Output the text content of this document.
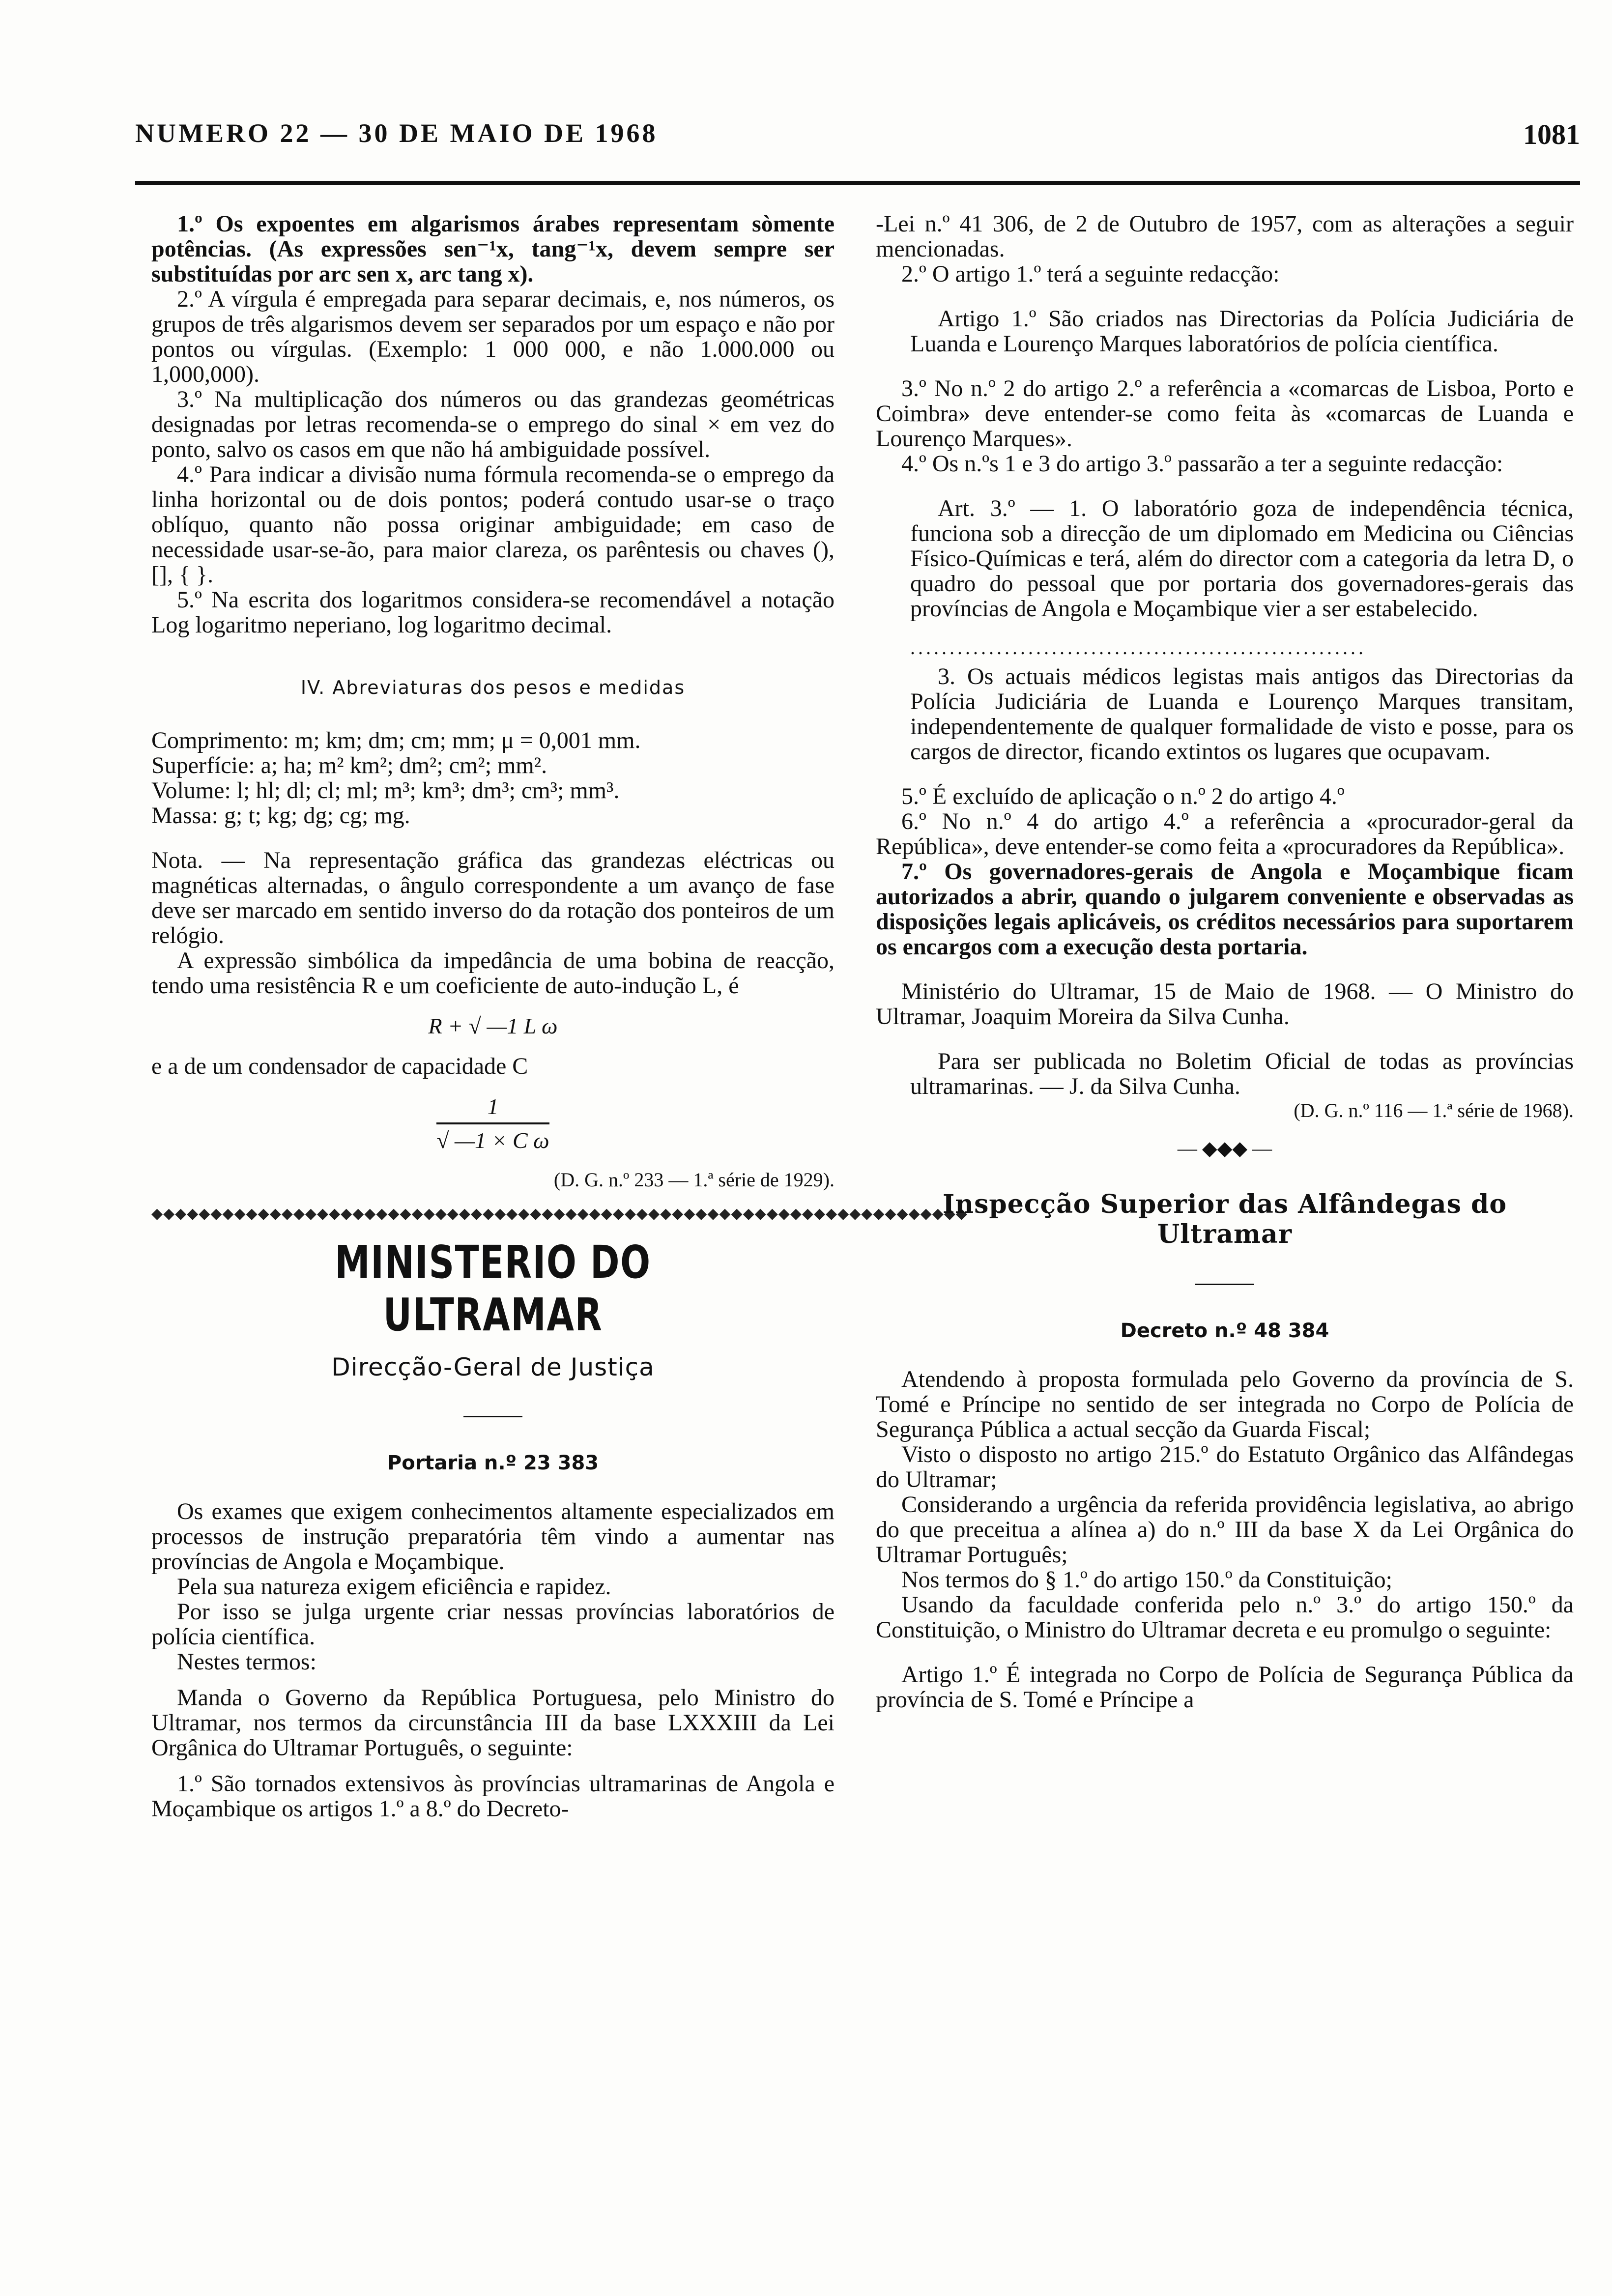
NUMERO 22 — 30 DE MAIO DE 1968	1081

1.º Os expoentes em algarismos árabes representam sòmente potências. (As expressões sen⁻¹x, tang⁻¹x, devem sempre ser substituídas por arc sen x, arc tang x).

2.º A vírgula é empregada para separar decimais, e, nos números, os grupos de três algarismos devem ser separados por um espaço e não por pontos ou vírgulas. (Exemplo: 1 000 000, e não 1.000.000 ou 1,000,000).

3.º Na multiplicação dos números ou das grandezas geométricas designadas por letras recomenda-se o emprego do sinal × em vez do ponto, salvo os casos em que não há ambiguidade possível.

4.º Para indicar a divisão numa fórmula recomenda-se o emprego da linha horizontal ou de dois pontos; poderá contudo usar-se o traço oblíquo, quanto não possa originar ambiguidade; em caso de necessidade usar-se-ão, para maior clareza, os parêntesis ou chaves (), [], { }.

5.º Na escrita dos logaritmos considera-se recomendável a notação Log logaritmo neperiano, log logaritmo decimal.

IV. Abreviaturas dos pesos e medidas

Comprimento: m; km; dm; cm; mm; μ = 0,001 mm.

Superfície: a; ha; m² km²; dm²; cm²; mm².

Volume: l; hl; dl; cl; ml; m³; km³; dm³; cm³; mm³.

Massa: g; t; kg; dg; cg; mg.

Nota. — Na representação gráfica das grandezas eléctricas ou magnéticas alternadas, o ângulo correspondente a um avanço de fase deve ser marcado em sentido inverso do da rotação dos ponteiros de um relógio.

A expressão simbólica da impedância de uma bobina de reacção, tendo uma resistência R e um coeficiente de auto-indução L, é

R + √ —1 L ω

e a de um condensador de capacidade C

$\frac{1}{\text{√ —1 × C ω}}$
(D. G. n.º 233 — 1.ª série de 1929).
◆◆◆◆◆◆◆◆◆◆◆◆◆◆◆◆◆◆◆◆◆◆◆◆◆◆◆◆◆◆◆◆◆◆◆◆◆◆◆◆◆◆◆◆◆◆◆◆◆◆◆◆◆◆◆◆◆◆◆◆◆◆◆◆◆◆◆◆◆
MINISTERIO DO ULTRAMAR
Direcção-Geral de Justiça
Portaria n.º 23 383

Os exames que exigem conhecimentos altamente especializados em processos de instrução preparatória têm vindo a aumentar nas províncias de Angola e Moçambique.

Pela sua natureza exigem eficiência e rapidez.

Por isso se julga urgente criar nessas províncias laboratórios de polícia científica.

Nestes termos:

Manda o Governo da República Portuguesa, pelo Ministro do Ultramar, nos termos da circunstância III da base LXXXIII da Lei Orgânica do Ultramar Português, o seguinte:

1.º São tornados extensivos às províncias ultramarinas de Angola e Moçambique os artigos 1.º a 8.º do Decreto-

-Lei n.º 41 306, de 2 de Outubro de 1957, com as alterações a seguir mencionadas.

2.º O artigo 1.º terá a seguinte redacção:

Artigo 1.º São criados nas Directorias da Polícia Judiciária de Luanda e Lourenço Marques laboratórios de polícia científica.

3.º No n.º 2 do artigo 2.º a referência a «comarcas de Lisboa, Porto e Coimbra» deve entender-se como feita às «comarcas de Luanda e Lourenço Marques».

4.º Os n.ºs 1 e 3 do artigo 3.º passarão a ter a seguinte redacção:

Art. 3.º — 1. O laboratório goza de independência técnica, funciona sob a direcção de um diplomado em Medicina ou Ciências Físico-Químicas e terá, além do director com a categoria da letra D, o quadro do pessoal que por portaria dos governadores-gerais das províncias de Angola e Moçambique vier a ser estabelecido.

..........................................................

3. Os actuais médicos legistas mais antigos das Directorias da Polícia Judiciária de Luanda e Lourenço Marques transitam, independentemente de qualquer formalidade de visto e posse, para os cargos de director, ficando extintos os lugares que ocupavam.

5.º É excluído de aplicação o n.º 2 do artigo 4.º

6.º No n.º 4 do artigo 4.º a referência a «procurador-geral da República», deve entender-se como feita a «procuradores da República».

7.º Os governadores-gerais de Angola e Moçambique ficam autorizados a abrir, quando o julgarem conveniente e observadas as disposições legais aplicáveis, os créditos necessários para suportarem os encargos com a execução desta portaria.

Ministério do Ultramar, 15 de Maio de 1968. — O Ministro do Ultramar, Joaquim Moreira da Silva Cunha.

Para ser publicada no Boletim Oficial de todas as províncias ultramarinas. — J. da Silva Cunha.

(D. G. n.º 116 — 1.ª série de 1968).
— ◆◆◆ —
Inspecção Superior das Alfândegas do Ultramar
Decreto n.º 48 384

Atendendo à proposta formulada pelo Governo da província de S. Tomé e Príncipe no sentido de ser integrada no Corpo de Polícia de Segurança Pública a actual secção da Guarda Fiscal;

Visto o disposto no artigo 215.º do Estatuto Orgânico das Alfândegas do Ultramar;

Considerando a urgência da referida providência legislativa, ao abrigo do que preceitua a alínea a) do n.º III da base X da Lei Orgânica do Ultramar Português;

Nos termos do § 1.º do artigo 150.º da Constituição;

Usando da faculdade conferida pelo n.º 3.º do artigo 150.º da Constituição, o Ministro do Ultramar decreta e eu promulgo o seguinte:

Artigo 1.º É integrada no Corpo de Polícia de Segurança Pública da província de S. Tomé e Príncipe a
